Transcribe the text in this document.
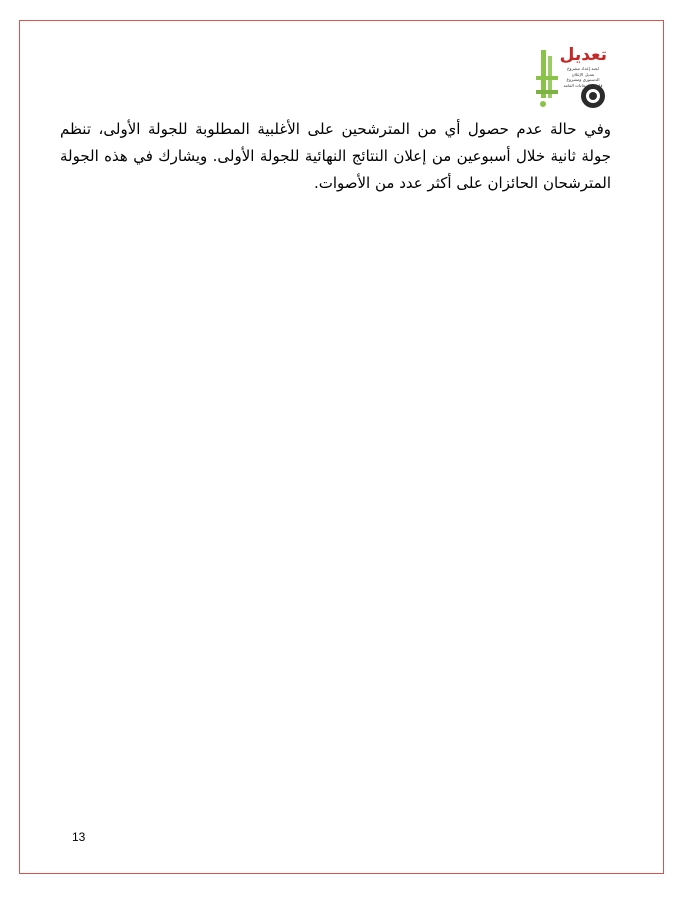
تعديل
لجنة إعداد مشروع تعديل الإعلان الدستوري ومشروع قانون الانتخابات العامة

وفي حالة عدم حصول أي من المترشحين على الأغلبية المطلوبة للجولة الأولى، تنظم جولة ثانية خلال أسبوعين من إعلان النتائج النهائية للجولة الأولى. ويشارك في هذه الجولة المترشحان الحائزان على أكثر عدد من الأصوات.

13
